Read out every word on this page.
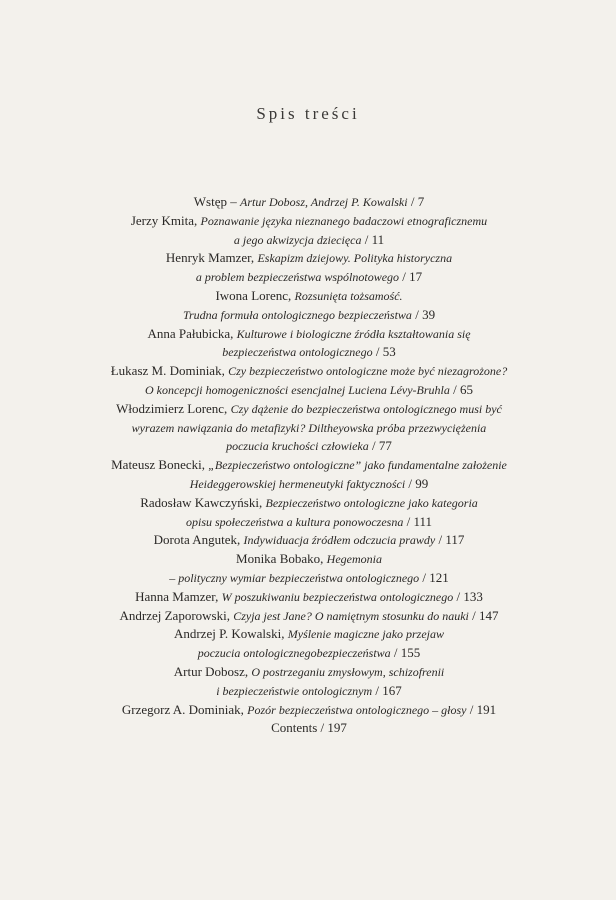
Spis treści
Wstęp – Artur Dobosz, Andrzej P. Kowalski / 7
Jerzy Kmita, Poznawanie języka nieznanego badaczowi etnograficznemu
a jego akwizycja dziecięca / 11
Henryk Mamzer, Eskapizm dziejowy. Polityka historyczna
a problem bezpieczeństwa wspólnotowego / 17
Iwona Lorenc, Rozsunięta tożsamość.
Trudna formuła ontologicznego bezpieczeństwa / 39
Anna Pałubicka, Kulturowe i biologiczne źródła kształtowania się
bezpieczeństwa ontologicznego / 53
Łukasz M. Dominiak, Czy bezpieczeństwo ontologiczne może być niezagrożone?
O koncepcji homogeniczności esencjalnej Luciena Lévy-Bruhla / 65
Włodzimierz Lorenc, Czy dążenie do bezpieczeństwa ontologicznego musi być
wyrazem nawiązania do metafizyki? Diltheyowska próba przezwyciężenia
poczucia kruchości człowieka / 77
Mateusz Bonecki, „Bezpieczeństwo ontologiczne” jako fundamentalne założenie
Heideggerowskiej hermeneutyki faktyczności / 99
Radosław Kawczyński, Bezpieczeństwo ontologiczne jako kategoria
opisu społeczeństwa a kultura ponowoczesna / 111
Dorota Angutek, Indywiduacja źródłem odczucia prawdy / 117
Monika Bobako, Hegemonia
– polityczny wymiar bezpieczeństwa ontologicznego / 121
Hanna Mamzer, W poszukiwaniu bezpieczeństwa ontologicznego / 133
Andrzej Zaporowski, Czyja jest Jane? O namiętnym stosunku do nauki / 147
Andrzej P. Kowalski, Myślenie magiczne jako przejaw
poczucia ontologicznegobezpieczeństwa / 155
Artur Dobosz, O postrzeganiu zmysłowym, schizofrenii
i bezpieczeństwie ontologicznym / 167
Grzegorz A. Dominiak, Pozór bezpieczeństwa ontologicznego – głosy / 191
Contents / 197
